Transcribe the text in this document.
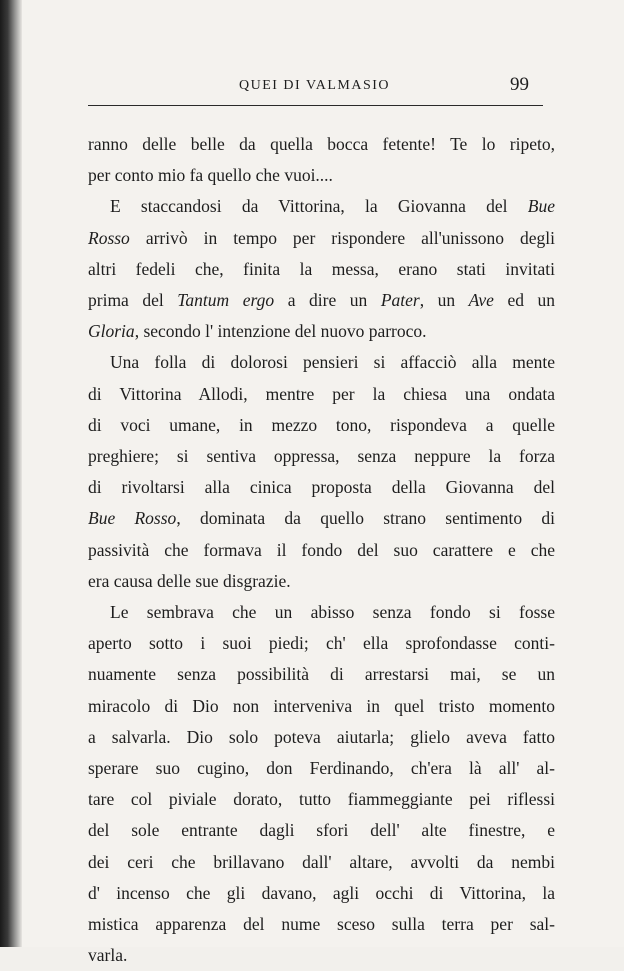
QUEI DI VALMASIO	99

ranno delle belle da quella bocca fetente! Te lo ripeto,
per conto mio fa quello che vuoi....

E staccandosi da Vittorina, la Giovanna del Bue
Rosso arrivò in tempo per rispondere all'unissono degli
altri fedeli che, finita la messa, erano stati invitati
prima del Tantum ergo a dire un Pater, un Ave ed un
Gloria, secondo l' intenzione del nuovo parroco.

Una folla di dolorosi pensieri si affacciò alla mente
di Vittorina Allodi, mentre per la chiesa una ondata
di voci umane, in mezzo tono, rispondeva a quelle
preghiere; si sentiva oppressa, senza neppure la forza
di rivoltarsi alla cinica proposta della Giovanna del
Bue Rosso, dominata da quello strano sentimento di
passività che formava il fondo del suo carattere e che
era causa delle sue disgrazie.

Le sembrava che un abisso senza fondo si fosse
aperto sotto i suoi piedi; ch' ella sprofondasse conti-
nuamente senza possibilità di arrestarsi mai, se un
miracolo di Dio non interveniva in quel tristo momento
a salvarla. Dio solo poteva aiutarla; glielo aveva fatto
sperare suo cugino, don Ferdinando, ch'era là all' al-
tare col piviale dorato, tutto fiammeggiante pei riflessi
del sole entrante dagli sfori dell' alte finestre, e
dei ceri che brillavano dall' altare, avvolti da nembi
d' incenso che gli davano, agli occhi di Vittorina, la
mistica apparenza del nume sceso sulla terra per sal-
varla.
